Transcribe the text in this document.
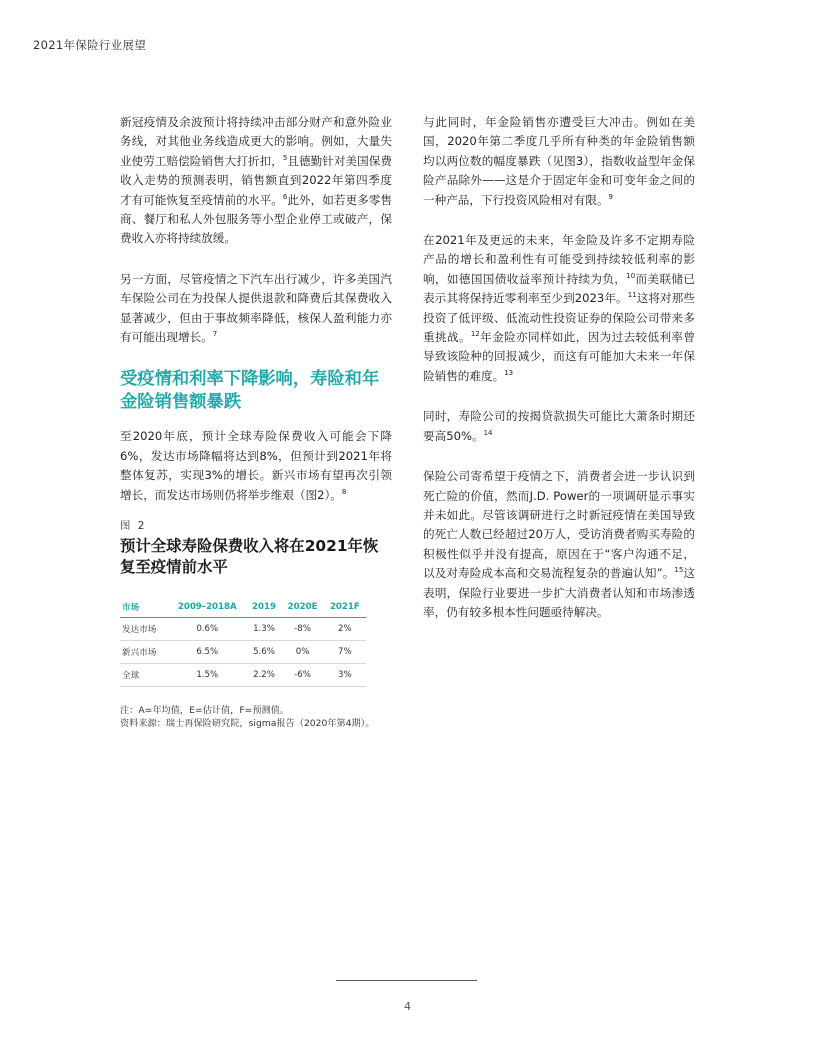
2021年保险行业展望

新冠疫情及余波预计将持续冲击部分财产和意外险业务线，对其他业务线造成更大的影响。例如，大量失业使劳工赔偿险销售大打折扣，$^5$且德勤针对美国保费收入走势的预测表明，销售额直到2022年第四季度才有可能恢复至疫情前的水平。$^6$此外，如若更多零售商、餐厅和私人外包服务等小型企业停工或破产，保费收入亦将持续放缓。

另一方面，尽管疫情之下汽车出行减少，许多美国汽车保险公司在为投保人提供退款和降费后其保费收入显著减少，但由于事故频率降低，核保人盈利能力亦有可能出现增长。$^7$

受疫情和利率下降影响，寿险和年金险销售额暴跌

至2020年底，预计全球寿险保费收入可能会下降6%，发达市场降幅将达到8%，但预计到2021年将整体复苏，实现3%的增长。新兴市场有望再次引领增长，而发达市场则仍将举步维艰（图2）。$^8$

图 2
预计全球寿险保费收入将在2021年恢复至疫情前水平
市场	2009–2018A	2019	2020E	2021F
发达市场	0.6%	1.3%	-8%	2%
新兴市场	6.5%	5.6%	0%	7%
全球	1.5%	2.2%	-6%	3%

注：A=年均值，E=估计值，F=预测值。

资料来源：瑞士再保险研究院，sigma报告（2020年第4期）。

与此同时，年金险销售亦遭受巨大冲击。例如在美国，2020年第二季度几乎所有种类的年金险销售额均以两位数的幅度暴跌（见图3），指数收益型年金保险产品除外——这是介于固定年金和可变年金之间的一种产品，下行投资风险相对有限。$^9$

在2021年及更远的未来，年金险及许多不定期寿险产品的增长和盈利性有可能受到持续较低利率的影响，如德国国债收益率预计持续为负，$^{10}$而美联储已表示其将保持近零利率至少到2023年。$^{11}$这将对那些投资了低评级、低流动性投资证券的保险公司带来多重挑战。$^{12}$年金险亦同样如此，因为过去较低利率曾导致该险种的回报减少，而这有可能加大未来一年保险销售的难度。$^{13}$

同时，寿险公司的按揭贷款损失可能比大萧条时期还要高50%。$^{14}$

保险公司寄希望于疫情之下，消费者会进一步认识到死亡险的价值，然而J.D. Power的一项调研显示事实并未如此。尽管该调研进行之时新冠疫情在美国导致的死亡人数已经超过20万人，受访消费者购买寿险的积极性似乎并没有提高，原因在于“客户沟通不足，以及对寿险成本高和交易流程复杂的普遍认知”。$^{15}$这表明，保险行业要进一步扩大消费者认知和市场渗透率，仍有较多根本性问题亟待解决。

4
